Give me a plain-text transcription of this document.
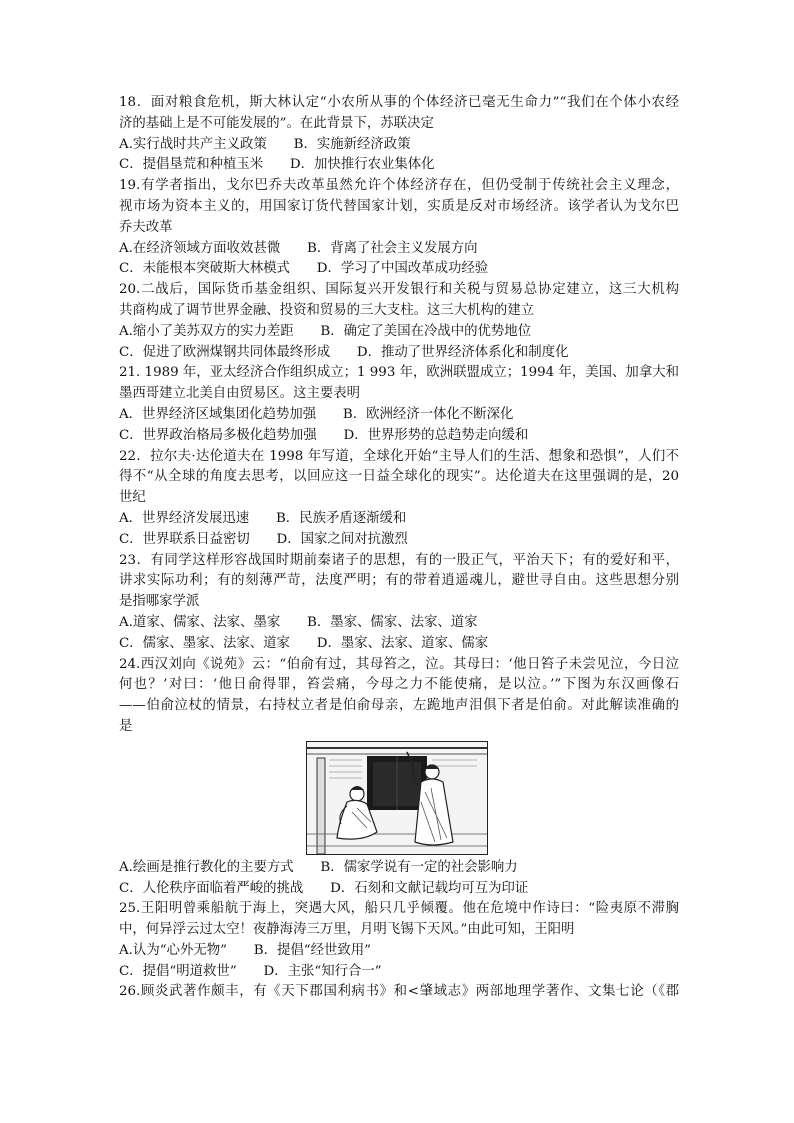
18．面对粮食危机，斯大林认定“小农所从事的个体经济已毫无生命力”“我们在个体小农经
济的基础上是不可能发展的”。在此背景下，苏联决定
A.实行战时共产主义政策　　B．实施新经济政策
C．提倡垦荒和种植玉米　　D．加快推行农业集体化
19.有学者指出，戈尔巴乔夫改革虽然允许个体经济存在，但仍受制于传统社会主义理念，
视市场为资本主义的，用国家订货代替国家计划，实质是反对市场经济。该学者认为戈尔巴
乔夫改革
A.在经济领域方面收效甚微　　B．背离了社会主义发展方向
C．未能根本突破斯大林模式　　D．学习了中国改革成功经验
20.二战后，国际货币基金组织、国际复兴开发银行和关税与贸易总协定建立，这三大机构
共商构成了调节世界金融、投资和贸易的三大支柱。这三大机构的建立
A.缩小了美苏双方的实力差距　　B．确定了美国在冷战中的优势地位
C．促进了欧洲煤钢共同体最终形成　　D．推动了世界经济体系化和制度化
21. 1989 年，亚太经济合作组织成立；1 993 年，欧洲联盟成立；1994 年，美国、加拿大和
墨西哥建立北美自由贸易区。这主要表明
A．世界经济区域集团化趋势加强　　B．欧洲经济一体化不断深化
C．世界政治格局多极化趋势加强　　D．世界形势的总趋势走向缓和
22．拉尔夫·达伦道夫在 1998 年写道，全球化开始“主导人们的生活、想象和恐惧”，人们不
得不“从全球的角度去思考，以回应这一日益全球化的现实”。达伦道夫在这里强调的是，20
世纪
A．世界经济发展迅速　　B．民族矛盾逐渐缓和
C．世界联系日益密切　　D．国家之间对抗激烈
23．有同学这样形容战国时期前秦诸子的思想，有的一股正气，平治天下；有的爱好和平，
讲求实际功利；有的刻薄严苛，法度严明；有的带着逍遥魂儿，避世寻自由。这些思想分别
是指哪家学派
A.道家、儒家、法家、墨家　　B．墨家、儒家、法家、道家
C．儒家、墨家、法家、道家　　D．墨家、法家、道家、儒家
24.西汉刘向《说苑》云：“伯俞有过，其母笞之，泣。其母曰：‘他日笞子未尝见泣，今日泣
何也？’对曰：‘他日俞得罪，笞尝痛，今母之力不能使痛，是以泣。’”下图为东汉画像石
——伯俞泣杖的情景，右持杖立者是伯俞母亲，左跪地声泪俱下者是伯俞。对此解读准确的
是
A.绘画是推行教化的主要方式　　B．儒家学说有一定的社会影响力
C．人伦秩序面临着严峻的挑战　　D．石刻和文献记载均可互为印证
25.王阳明曾乘船航于海上，突遇大风，船只几乎倾覆。他在危境中作诗曰：“险夷原不滞胸
中，何异浮云过太空！夜静海涛三万里，月明飞锡下天风。”由此可知，王阳明
A.认为“心外无物”　　B．提倡“经世致用”
C．提倡“明道救世”　　D．主张“知行合一”
26.顾炎武著作颇丰，有《天下郡国利病书》和<肇域志》两部地理学著作、文集七论（《郡
